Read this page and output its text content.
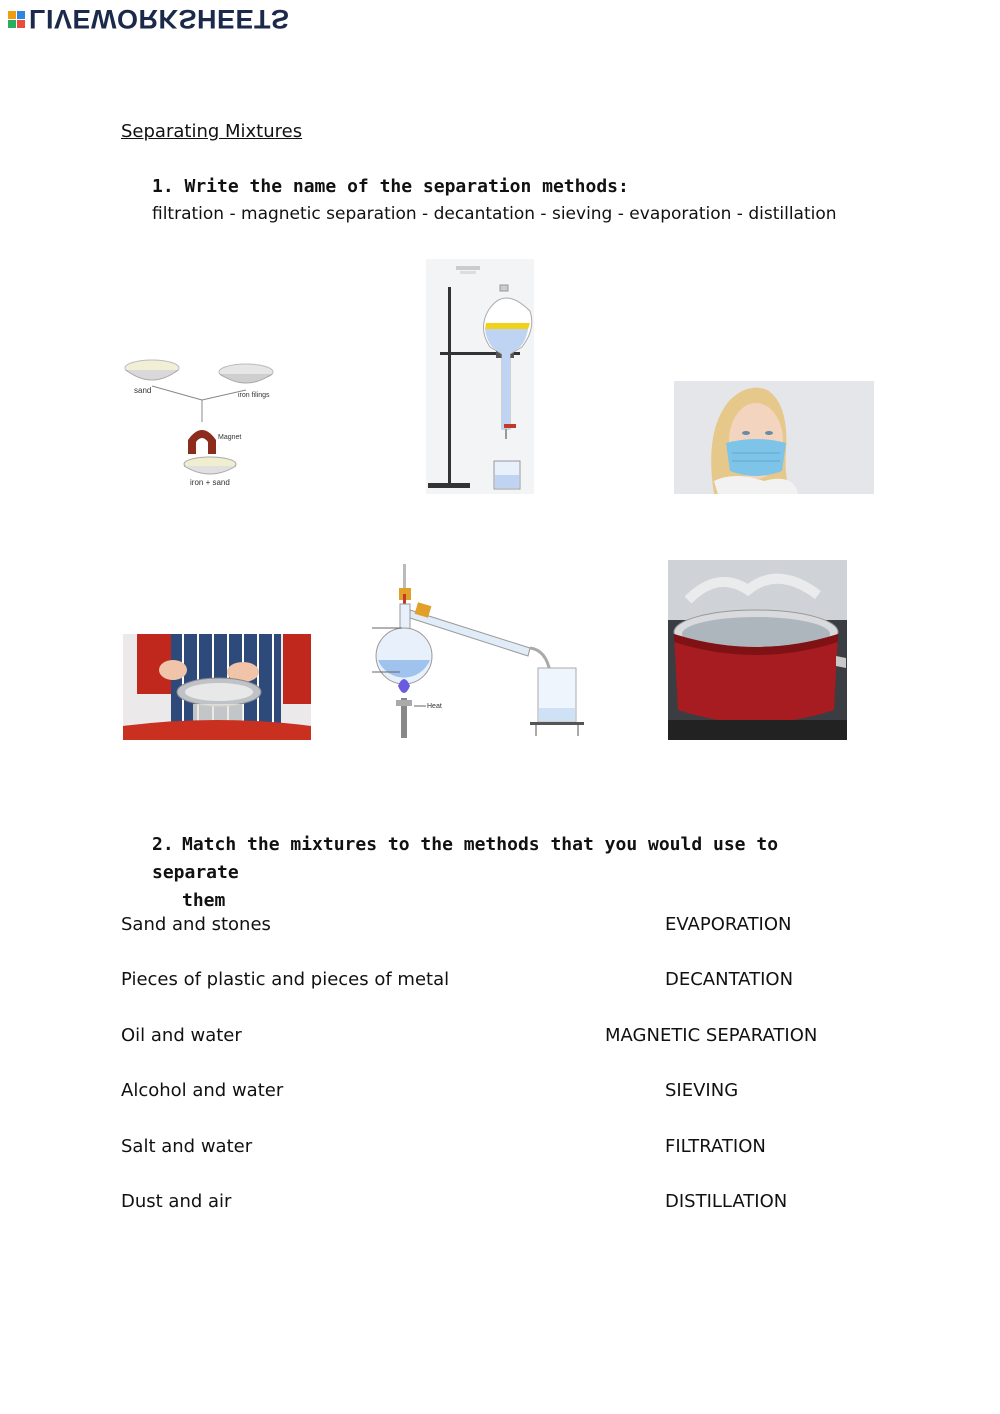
LIVEWORKSHEETS
Separating Mixtures
1. Write the name of the separation methods:
filtration - magnetic separation - decantation - sieving - evaporation - distillation
sand
iron filings
Magnet
iron + sand
Heat
2. Match the mixtures to the methods that you would use to separate
them
Sand and stones
Pieces of plastic and pieces of metal
Oil and water
Alcohol and water
Salt and water
Dust and air
EVAPORATION
DECANTATION
MAGNETIC SEPARATION
SIEVING
FILTRATION
DISTILLATION
